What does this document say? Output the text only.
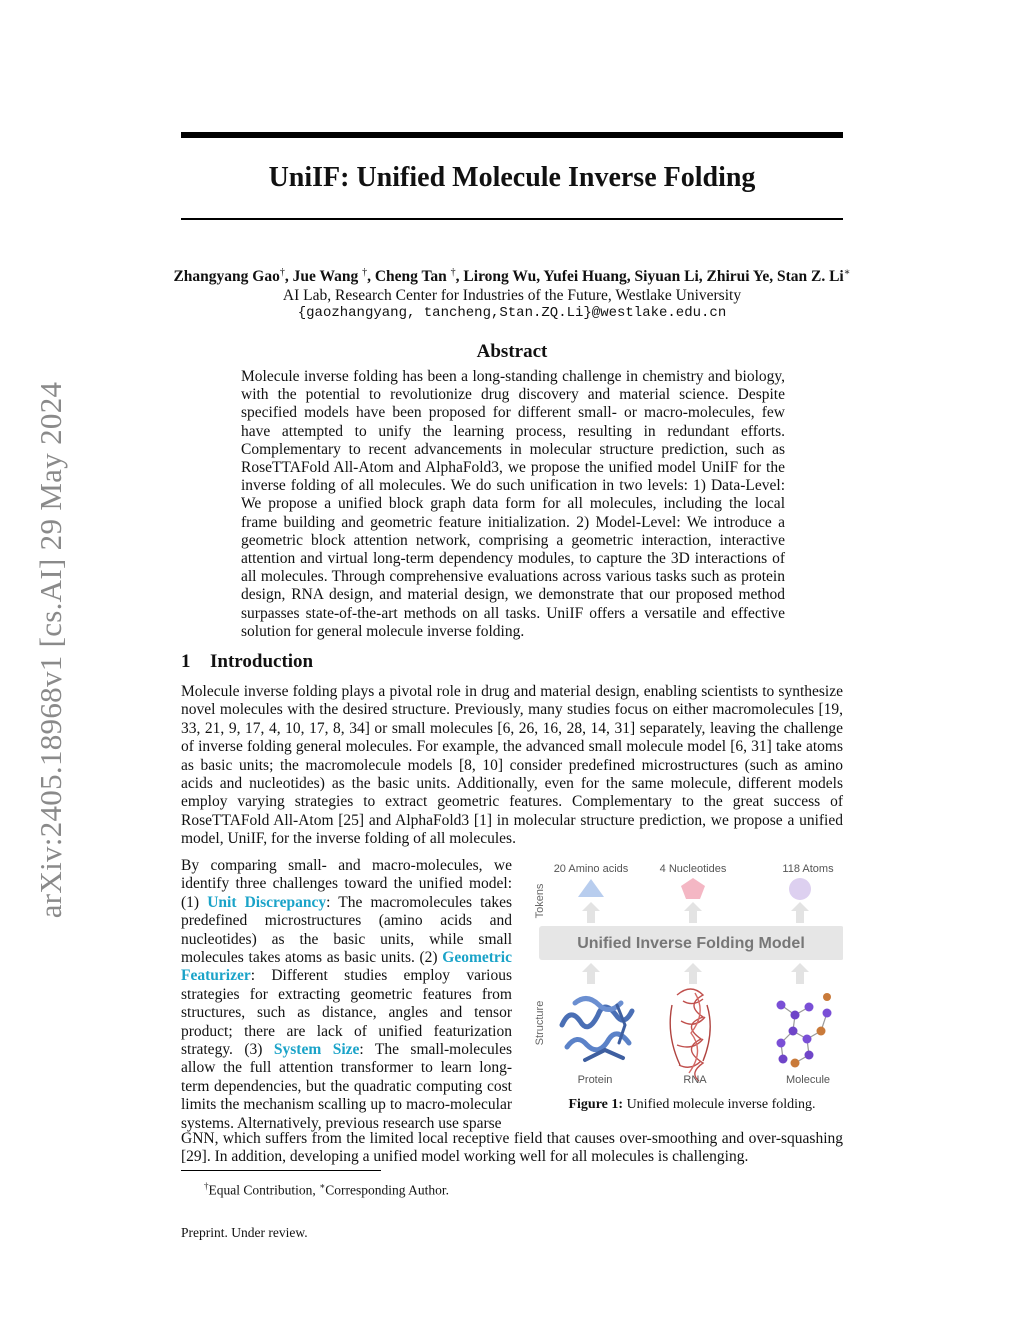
arXiv:2405.18968v1 [cs.AI] 29 May 2024
UniIF: Unified Molecule Inverse Folding
Zhangyang Gao†, Jue Wang †, Cheng Tan †, Lirong Wu, Yufei Huang, Siyuan Li, Zhirui Ye, Stan Z. Li∗
AI Lab, Research Center for Industries of the Future, Westlake University
{gaozhangyang, tancheng,Stan.ZQ.Li}@westlake.edu.cn
Abstract
Molecule inverse folding has been a long-standing challenge in chemistry and biology, with the potential to revolutionize drug discovery and material science. Despite specified models have been proposed for different small- or macro-molecules, few have attempted to unify the learning process, resulting in redundant efforts. Complementary to recent advancements in molecular structure prediction, such as RoseTTAFold All-Atom and AlphaFold3, we propose the unified model UniIF for the inverse folding of all molecules. We do such unification in two levels: 1) Data-Level: We propose a unified block graph data form for all molecules, including the local frame building and geometric feature initialization. 2) Model-Level: We introduce a geometric block attention network, comprising a geometric interaction, interactive attention and virtual long-term dependency modules, to capture the 3D interactions of all molecules. Through comprehensive evaluations across various tasks such as protein design, RNA design, and material design, we demonstrate that our proposed method surpasses state-of-the-art methods on all tasks. UniIF offers a versatile and effective solution for general molecule inverse folding.
1 Introduction
Molecule inverse folding plays a pivotal role in drug and material design, enabling scientists to synthesize novel molecules with the desired structure. Previously, many studies focus on either macromolecules [19, 33, 21, 9, 17, 4, 10, 17, 8, 34] or small molecules [6, 26, 16, 28, 14, 31] separately, leaving the challenge of inverse folding general molecules. For example, the advanced small molecule model [6, 31] take atoms as basic units; the macromolecule models [8, 10] consider predefined microstructures (such as amino acids and nucleotides) as the basic units. Additionally, even for the same molecule, different models employ varying strategies to extract geometric features. Complementary to the great success of RoseTTAFold All-Atom [25] and AlphaFold3 [1] in molecular structure prediction, we propose a unified model, UniIF, for the inverse folding of all molecules.
By comparing small- and macro-molecules, we identify three challenges toward the unified model: (1) Unit Discrepancy: The macromolecules takes predefined microstructures (amino acids and nucleotides) as the basic units, while small molecules takes atoms as basic units. (2) Geometric Featurizer: Different studies employ various strategies for extracting geometric features from structures, such as distance, angles and tensor product; there are lack of unified featurization strategy. (3) System Size: The small-molecules allow the full attention transformer to learn long-term dependencies, but the quadratic computing cost limits the mechanism scalling up to macro-molecular systems. Alternatively, previous research use sparse
Tokens
Structure
20 Amino acids	4 Nucleotides	118 Atoms
Unified Inverse Folding Model
Protein	RNA	Molecule
Figure 1: Unified molecule inverse folding.
GNN, which suffers from the limited local receptive field that causes over-smoothing and over-squashing [29]. In addition, developing a unified model working well for all molecules is challenging.
†Equal Contribution, ∗Corresponding Author.
Preprint. Under review.
